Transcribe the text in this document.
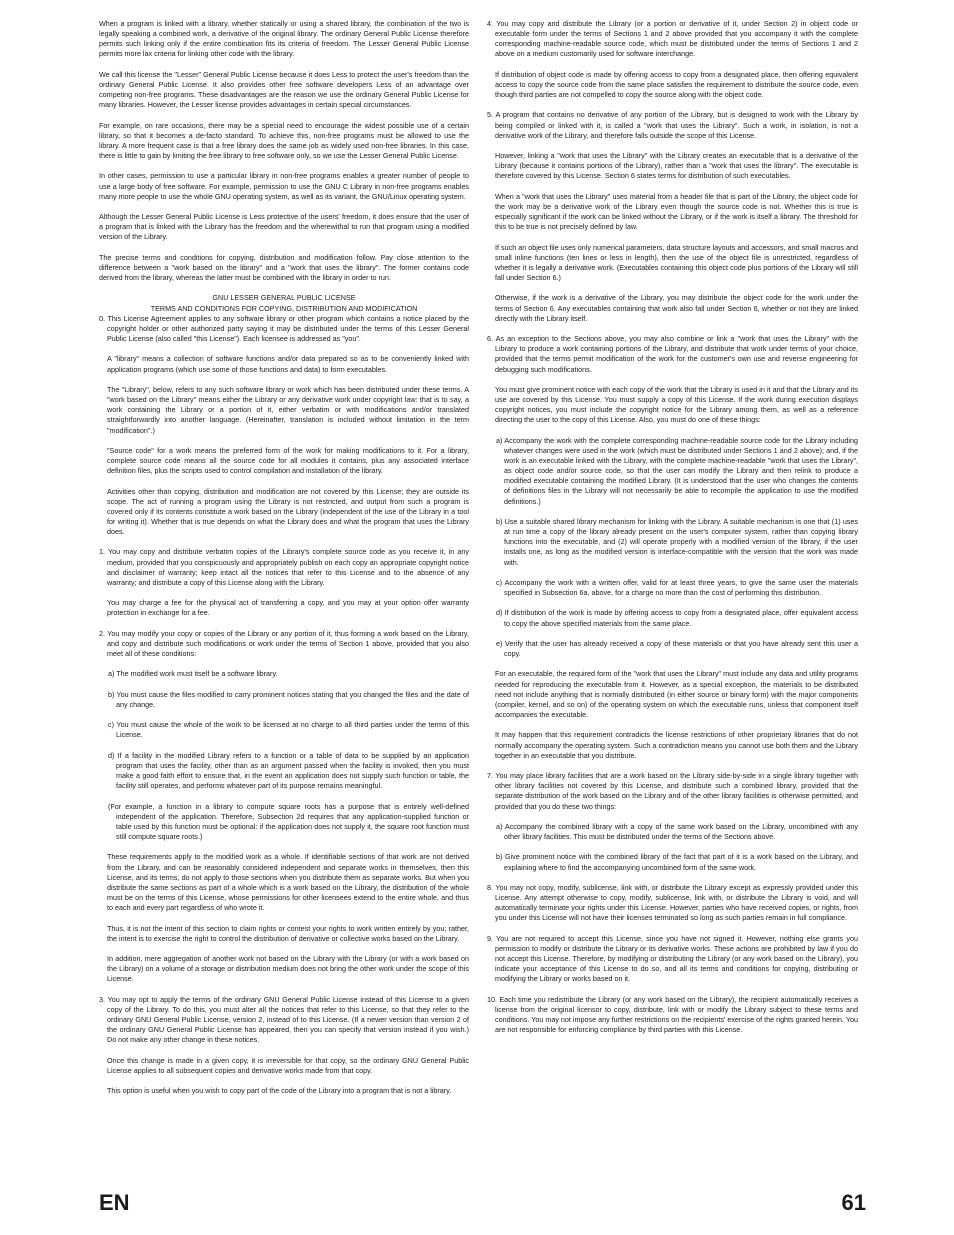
When a program is linked with a library, whether statically or using a shared library, the combination of the two is legally speaking a combined work, a derivative of the original library. The ordinary General Public License therefore permits such linking only if the entire combination fits its criteria of freedom. The Lesser General Public License permits more lax criteria for linking other code with the library.

We call this license the "Lesser" General Public License because it does Less to protect the user's freedom than the ordinary General Public License. It also provides other free software developers Less of an advantage over competing non-free programs. These disadvantages are the reason we use the ordinary General Public License for many libraries. However, the Lesser license provides advantages in certain special circumstances.

For example, on rare occasions, there may be a special need to encourage the widest possible use of a certain library, so that it becomes a de-facto standard. To achieve this, non-free programs must be allowed to use the library. A more frequent case is that a free library does the same job as widely used non-free libraries. In this case, there is little to gain by limiting the free library to free software only, so we use the Lesser General Public License.

In other cases, permission to use a particular library in non-free programs enables a greater number of people to use a large body of free software. For example, permission to use the GNU C Library in non-free programs enables many more people to use the whole GNU operating system, as well as its variant, the GNU/Linux operating system.

Although the Lesser General Public License is Less protective of the users' freedom, it does ensure that the user of a program that is linked with the Library has the freedom and the wherewithal to run that program using a modified version of the Library.

The precise terms and conditions for copying, distribution and modification follow. Pay close attention to the difference between a "work based on the library" and a "work that uses the library". The former contains code derived from the library, whereas the latter must be combined with the library in order to run.

GNU LESSER GENERAL PUBLIC LICENSE

TERMS AND CONDITIONS FOR COPYING, DISTRIBUTION AND MODIFICATION

0. This License Agreement applies to any software library or other program which contains a notice placed by the copyright holder or other authorized party saying it may be distributed under the terms of this Lesser General Public License (also called "this License"). Each licensee is addressed as "you".

A "library" means a collection of software functions and/or data prepared so as to be conveniently linked with application programs (which use some of those functions and data) to form executables.

The "Library", below, refers to any such software library or work which has been distributed under these terms. A "work based on the Library" means either the Library or any derivative work under copyright law: that is to say, a work containing the Library or a portion of it, either verbatim or with modifications and/or translated straightforwardly into another language. (Hereinafter, translation is included without limitation in the term "modification".)

"Source code" for a work means the preferred form of the work for making modifications to it. For a library, complete source code means all the source code for all modules it contains, plus any associated interface definition files, plus the scripts used to control compilation and installation of the library.

Activities other than copying, distribution and modification are not covered by this License; they are outside its scope. The act of running a program using the Library is not restricted, and output from such a program is covered only if its contents constitute a work based on the Library (independent of the use of the Library in a tool for writing it). Whether that is true depends on what the Library does and what the program that uses the Library does.

1. You may copy and distribute verbatim copies of the Library's complete source code as you receive it, in any medium, provided that you conspicuously and appropriately publish on each copy an appropriate copyright notice and disclaimer of warranty; keep intact all the notices that refer to this License and to the absence of any warranty; and distribute a copy of this License along with the Library.

You may charge a fee for the physical act of transferring a copy, and you may at your option offer warranty protection in exchange for a fee.

2. You may modify your copy or copies of the Library or any portion of it, thus forming a work based on the Library, and copy and distribute such modifications or work under the terms of Section 1 above, provided that you also meet all of these conditions:

a) The modified work must itself be a software library.

b) You must cause the files modified to carry prominent notices stating that you changed the files and the date of any change.

c) You must cause the whole of the work to be licensed at no charge to all third parties under the terms of this License.

d) If a facility in the modified Library refers to a function or a table of data to be supplied by an application program that uses the facility, other than as an argument passed when the facility is invoked, then you must make a good faith effort to ensure that, in the event an application does not supply such function or table, the facility still operates, and performs whatever part of its purpose remains meaningful.

(For example, a function in a library to compute square roots has a purpose that is entirely well-defined independent of the application. Therefore, Subsection 2d requires that any application-supplied function or table used by this function must be optional: if the application does not supply it, the square root function must still compute square roots.)

These requirements apply to the modified work as a whole. If identifiable sections of that work are not derived from the Library, and can be reasonably considered independent and separate works in themselves, then this License, and its terms, do not apply to those sections when you distribute them as separate works. But when you distribute the same sections as part of a whole which is a work based on the Library, the distribution of the whole must be on the terms of this License, whose permissions for other licensees extend to the entire whole, and thus to each and every part regardless of who wrote it.

Thus, it is not the intent of this section to claim rights or contest your rights to work written entirely by you; rather, the intent is to exercise the right to control the distribution of derivative or collective works based on the Library.

In addition, mere aggregation of another work not based on the Library with the Library (or with a work based on the Library) on a volume of a storage or distribution medium does not bring the other work under the scope of this License.

3. You may opt to apply the terms of the ordinary GNU General Public License instead of this License to a given copy of the Library. To do this, you must alter all the notices that refer to this License, so that they refer to the ordinary GNU General Public License, version 2, instead of to this License. (If a newer version than version 2 of the ordinary GNU General Public License has appeared, then you can specify that version instead if you wish.) Do not make any other change in these notices.

Once this change is made in a given copy, it is irreversible for that copy, so the ordinary GNU General Public License applies to all subsequent copies and derivative works made from that copy.

This option is useful when you wish to copy part of the code of the Library into a program that is not a library.

4. You may copy and distribute the Library (or a portion or derivative of it, under Section 2) in object code or executable form under the terms of Sections 1 and 2 above provided that you accompany it with the complete corresponding machine-readable source code, which must be distributed under the terms of Sections 1 and 2 above on a medium customarily used for software interchange.

If distribution of object code is made by offering access to copy from a designated place, then offering equivalent access to copy the source code from the same place satisfies the requirement to distribute the source code, even though third parties are not compelled to copy the source along with the object code.

5. A program that contains no derivative of any portion of the Library, but is designed to work with the Library by being compiled or linked with it, is called a "work that uses the Library". Such a work, in isolation, is not a derivative work of the Library, and therefore falls outside the scope of this License.

However, linking a "work that uses the Library" with the Library creates an executable that is a derivative of the Library (because it contains portions of the Library), rather than a "work that uses the library". The executable is therefore covered by this License. Section 6 states terms for distribution of such executables.

When a "work that uses the Library" uses material from a header file that is part of the Library, the object code for the work may be a derivative work of the Library even though the source code is not. Whether this is true is especially significant if the work can be linked without the Library, or if the work is itself a library. The threshold for this to be true is not precisely defined by law.

If such an object file uses only numerical parameters, data structure layouts and accessors, and small macros and small inline functions (ten lines or less in length), then the use of the object file is unrestricted, regardless of whether it is legally a derivative work. (Executables containing this object code plus portions of the Library will still fall under Section 6.)

Otherwise, if the work is a derivative of the Library, you may distribute the object code for the work under the terms of Section 6. Any executables containing that work also fall under Section 6, whether or not they are linked directly with the Library itself.

6. As an exception to the Sections above, you may also combine or link a "work that uses the Library" with the Library to produce a work containing portions of the Library, and distribute that work under terms of your choice, provided that the terms permit modification of the work for the customer's own use and reverse engineering for debugging such modifications.

You must give prominent notice with each copy of the work that the Library is used in it and that the Library and its use are covered by this License. You must supply a copy of this License. If the work during execution displays copyright notices, you must include the copyright notice for the Library among them, as well as a reference directing the user to the copy of this License. Also, you must do one of these things:

a) Accompany the work with the complete corresponding machine-readable source code for the Library including whatever changes were used in the work (which must be distributed under Sections 1 and 2 above); and, if the work is an executable linked with the Library, with the complete machine-readable "work that uses the Library", as object code and/or source code, so that the user can modify the Library and then relink to produce a modified executable containing the modified Library. (It is understood that the user who changes the contents of definitions files in the Library will not necessarily be able to recompile the application to use the modified definitions.)

b) Use a suitable shared library mechanism for linking with the Library. A suitable mechanism is one that (1) uses at run time a copy of the library already present on the user's computer system, rather than copying library functions into the executable, and (2) will operate properly with a modified version of the library, if the user installs one, as long as the modified version is interface-compatible with the version that the work was made with.

c) Accompany the work with a written offer, valid for at least three years, to give the same user the materials specified in Subsection 6a, above, for a charge no more than the cost of performing this distribution.

d) If distribution of the work is made by offering access to copy from a designated place, offer equivalent access to copy the above specified materials from the same place.

e) Verify that the user has already received a copy of these materials or that you have already sent this user a copy.

For an executable, the required form of the "work that uses the Library" must include any data and utility programs needed for reproducing the executable from it. However, as a special exception, the materials to be distributed need not include anything that is normally distributed (in either source or binary form) with the major components (compiler, kernel, and so on) of the operating system on which the executable runs, unless that component itself accompanies the executable.

It may happen that this requirement contradicts the license restrictions of other proprietary libraries that do not normally accompany the operating system. Such a contradiction means you cannot use both them and the Library together in an executable that you distribute.

7. You may place library facilities that are a work based on the Library side-by-side in a single library together with other library facilities not covered by this License, and distribute such a combined library, provided that the separate distribution of the work based on the Library and of the other library facilities is otherwise permitted, and provided that you do these two things:

a) Accompany the combined library with a copy of the same work based on the Library, uncombined with any other library facilities. This must be distributed under the terms of the Sections above.

b) Give prominent notice with the combined library of the fact that part of it is a work based on the Library, and explaining where to find the accompanying uncombined form of the same work.

8. You may not copy, modify, sublicense, link with, or distribute the Library except as expressly provided under this License. Any attempt otherwise to copy, modify, sublicense, link with, or distribute the Library is void, and will automatically terminate your rights under this License. However, parties who have received copies, or rights, from you under this License will not have their licenses terminated so long as such parties remain in full compliance.

9. You are not required to accept this License, since you have not signed it. However, nothing else grants you permission to modify or distribute the Library or its derivative works. These actions are prohibited by law if you do not accept this License. Therefore, by modifying or distributing the Library (or any work based on the Library), you indicate your acceptance of this License to do so, and all its terms and conditions for copying, distributing or modifying the Library or works based on it.

10. Each time you redistribute the Library (or any work based on the Library), the recipient automatically receives a license from the original licensor to copy, distribute, link with or modify the Library subject to these terms and conditions. You may not impose any further restrictions on the recipients' exercise of the rights granted herein. You are not responsible for enforcing compliance by third parties with this License.

EN	61
